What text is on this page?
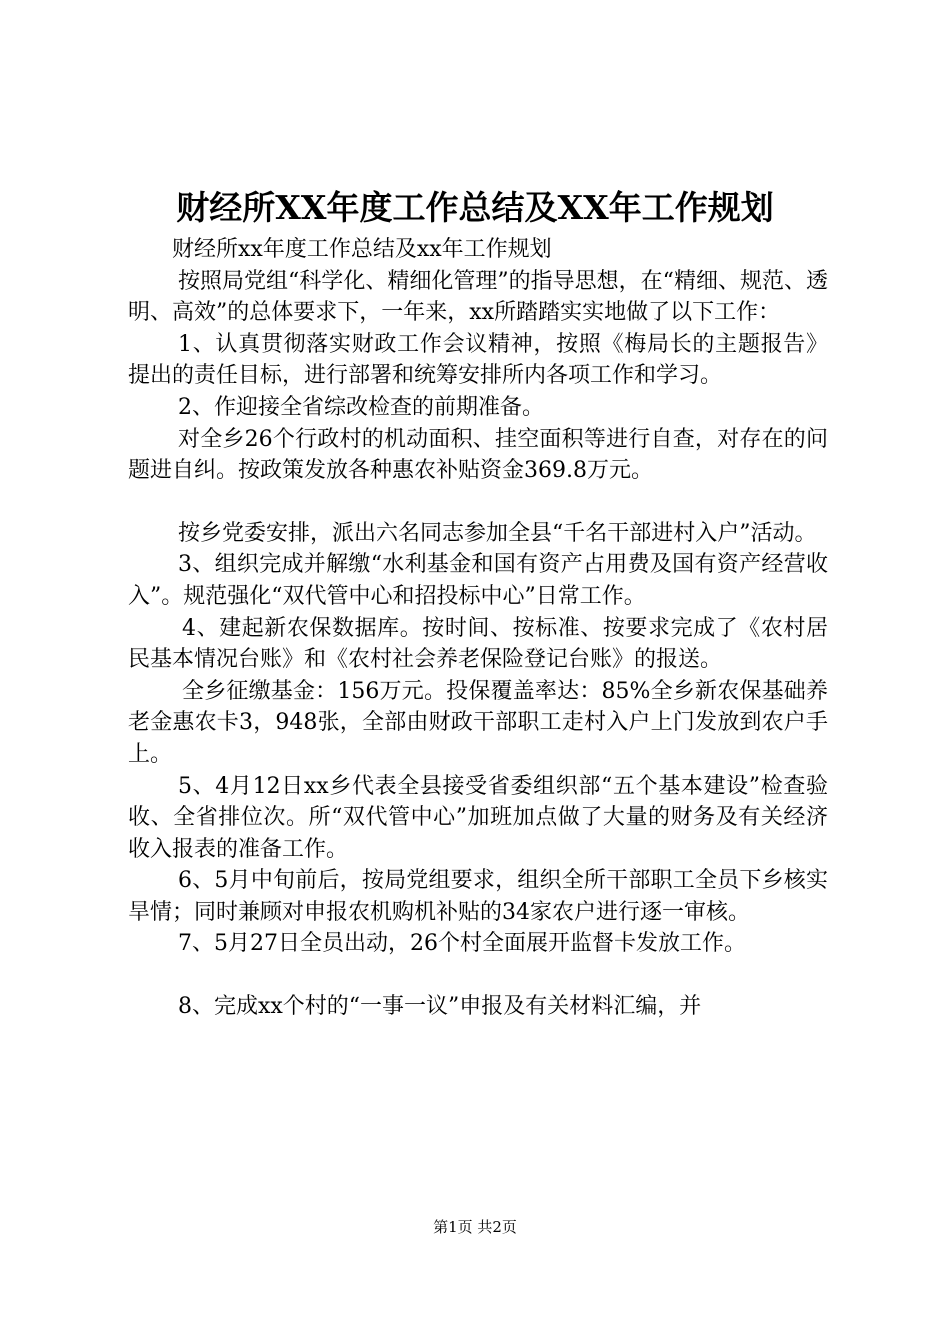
财经所XX年度工作总结及XX年工作规划

财经所xx年度工作总结及xx年工作规划

按照局党组“科学化、精细化管理”的指导思想，在“精细、规范、透明、高效”的总体要求下，一年来，xx所踏踏实实地做了以下工作：

1、认真贯彻落实财政工作会议精神，按照《梅局长的主题报告》提出的责任目标，进行部署和统筹安排所内各项工作和学习。

2、作迎接全省综改检查的前期准备。

对全乡26个行政村的机动面积、挂空面积等进行自查，对存在的问题进自纠。按政策发放各种惠农补贴资金369.8万元。

按乡党委安排，派出六名同志参加全县“千名干部进村入户”活动。

3、组织完成并解缴“水利基金和国有资产占用费及国有资产经营收入”。规范强化“双代管中心和招投标中心”日常工作。

4、建起新农保数据库。按时间、按标准、按要求完成了《农村居民基本情况台账》和《农村社会养老保险登记台账》的报送。

全乡征缴基金：156万元。投保覆盖率达：85%全乡新农保基础养老金惠农卡3，948张，全部由财政干部职工走村入户上门发放到农户手上。

5、4月12日xx乡代表全县接受省委组织部“五个基本建设”检查验收、全省排位次。所“双代管中心”加班加点做了大量的财务及有关经济收入报表的准备工作。

6、5月中旬前后，按局党组要求，组织全所干部职工全员下乡核实旱情；同时兼顾对申报农机购机补贴的34家农户进行逐一审核。

7、5月27日全员出动，26个村全面展开监督卡发放工作。

8、完成xx个村的“一事一议”申报及有关材料汇编，并

第1页 共2页
